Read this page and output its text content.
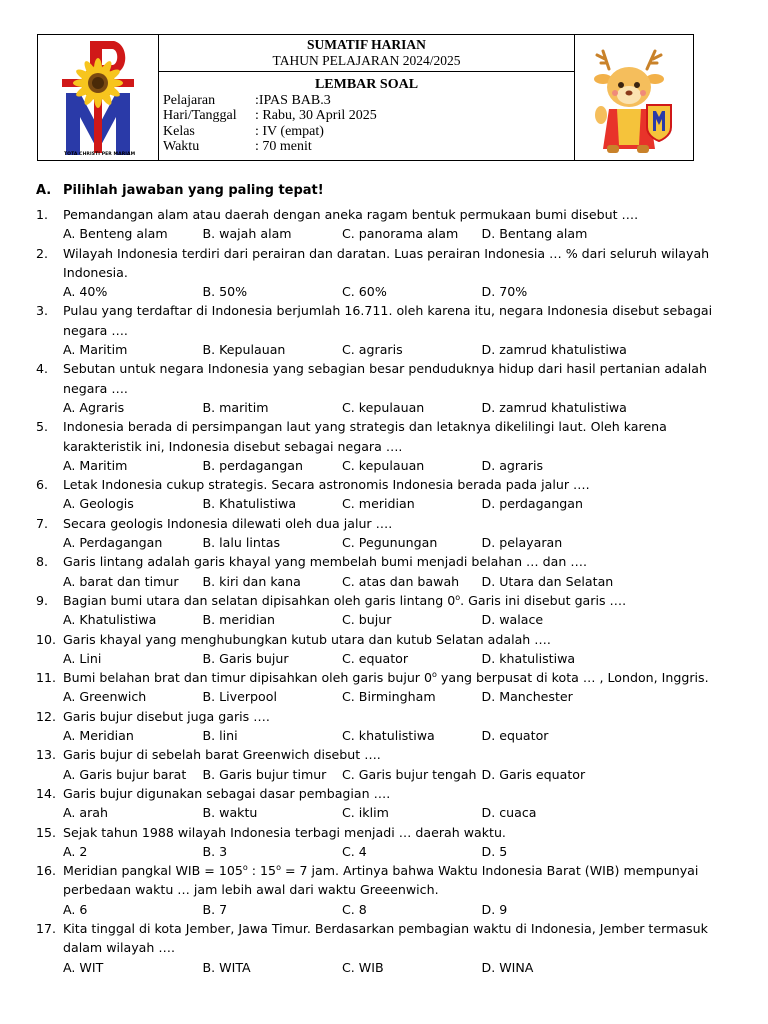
TOTA CHRISTI PER MARIAM
SUMATIF HARIAN
TAHUN PELAJARAN 2024/2025
LEMBAR SOAL
Pelajaran	:IPAS BAB.3
Hari/Tanggal	: Rabu, 30 April 2025
Kelas	: IV (empat)
Waktu	: 70 menit
A. Pilihlah jawaban yang paling tepat!
1.	Pemandangan alam atau daerah dengan aneka ragam bentuk permukaan bumi disebut ….
A. Benteng alam	B. wajah alam	C. panorama alam	D. Bentang alam
2.	Wilayah Indonesia terdiri dari perairan dan daratan. Luas perairan Indonesia … % dari seluruh wilayah Indonesia.
A. 40%	B. 50%	C. 60%	D. 70%
3.	Pulau yang terdaftar di Indonesia berjumlah 16.711. oleh karena itu, negara Indonesia disebut sebagai negara ….
A. Maritim	B. Kepulauan	C. agraris	D. zamrud khatulistiwa
4.	Sebutan untuk negara Indonesia yang sebagian besar penduduknya hidup dari hasil pertanian adalah negara ….
A. Agraris	B. maritim	C. kepulauan	D. zamrud khatulistiwa
5.	Indonesia berada di persimpangan laut yang strategis dan letaknya dikelilingi laut. Oleh karena karakteristik ini, Indonesia disebut sebagai negara ….
A. Maritim	B. perdagangan	C. kepulauan	D. agraris
6.	Letak Indonesia cukup strategis. Secara astronomis Indonesia berada pada jalur ….
A. Geologis	B. Khatulistiwa	C. meridian	D. perdagangan
7.	Secara geologis Indonesia dilewati oleh dua jalur ….
A. Perdagangan	B. lalu lintas	C. Pegunungan	D. pelayaran
8.	Garis lintang adalah garis khayal yang membelah bumi menjadi belahan … dan ….
A. barat dan timur	B. kiri dan kana	C. atas dan bawah	D. Utara dan Selatan
9.	Bagian bumi utara dan selatan dipisahkan oleh garis lintang 0$^o$. Garis ini disebut garis ….
A. Khatulistiwa	B. meridian	C. bujur	D. walace
10. Garis khayal yang menghubungkan kutub utara dan kutub Selatan adalah ….
A. Lini	B. Garis bujur	C. equator	D. khatulistiwa
11. Bumi belahan brat dan timur dipisahkan oleh garis bujur 0$^o$ yang berpusat di kota … , London, Inggris.
A. Greenwich	B. Liverpool	C. Birmingham	D. Manchester
12. Garis bujur disebut juga garis ….
A. Meridian	B. lini	C. khatulistiwa	D. equator
13. Garis bujur di sebelah barat Greenwich disebut ….
A. Garis bujur barat	B. Garis bujur timur	C. Garis bujur tengah D. Garis equator
14. Garis bujur digunakan sebagai dasar pembagian ….
A. arah	B. waktu	C. iklim	D. cuaca
15. Sejak tahun 1988 wilayah Indonesia terbagi menjadi … daerah waktu.
A. 2	B. 3	C. 4	D. 5
16. Meridian pangkal WIB = $105^o$ : $15^o = 7$ jam. Artinya bahwa Waktu Indonesia Barat (WIB) mempunyai perbedaan waktu … jam lebih awal dari waktu Greeenwich.
A. 6	B. 7	C. 8	D. 9
17. Kita tinggal di kota Jember, Jawa Timur. Berdasarkan pembagian waktu di Indonesia, Jember termasuk dalam wilayah ….
A. WIT	B. WITA	C. WIB	D. WINA
